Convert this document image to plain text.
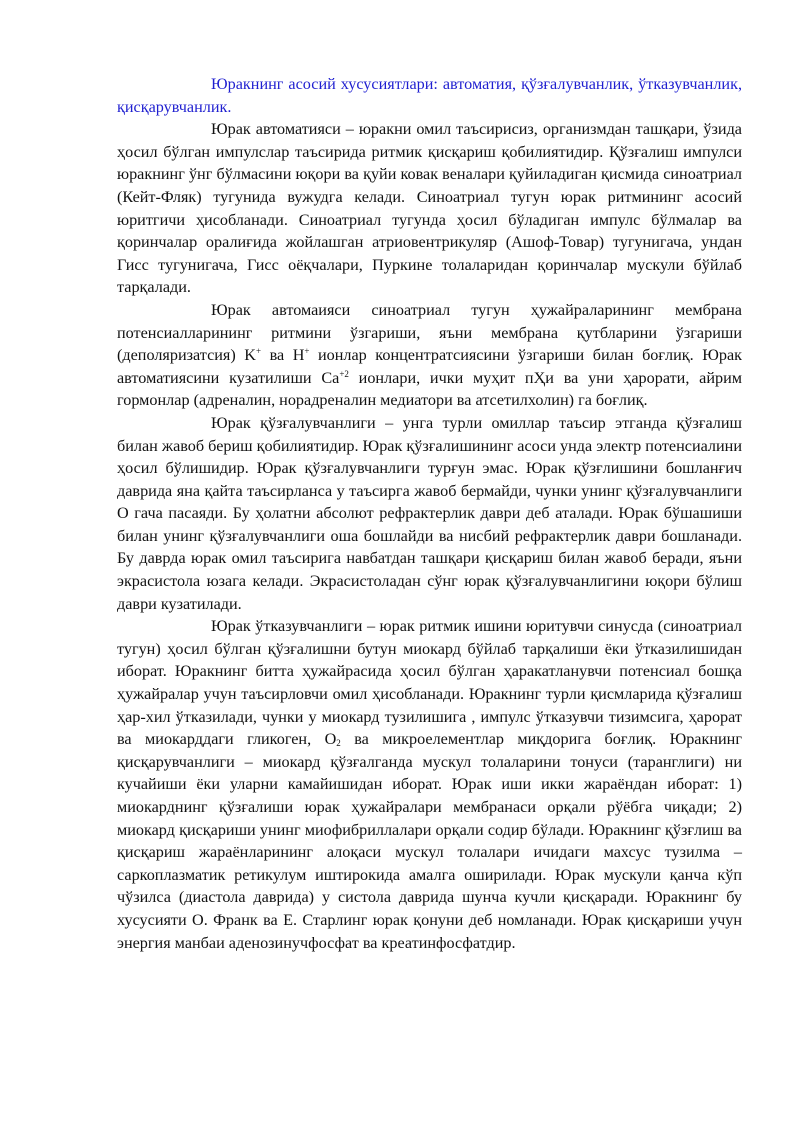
Юракнинг асосий хусусиятлари: автоматия, қўзғалувчанлик, ўтказувчанлик, қисқарувчанлик.

Юрак автоматияси – юракни омил таъсирисиз, организмдан ташқари, ўзида ҳосил бўлган импулслар таъсирида ритмик қисқариш қобилиятидир. Қўзғалиш импулси юракнинг ўнг бўлмасини юқори ва қуйи ковак веналари қуйиладиган қисмида синоатриал (Кейт-Фляк) тугунида вужудга келади. Синоатриал тугун юрак ритмининг асосий юритгичи ҳисобланади. Синоатриал тугунда ҳосил бўладиган импулс бўлмалар ва қоринчалар оралиғида жойлашган атриовентрикуляр (Ашоф-Товар) тугунигача, ундан Гисс тугунигача, Гисс оёқчалари, Пуркине толаларидан қоринчалар мускули бўйлаб тарқалади.

Юрак автомаияси синоатриал тугун ҳужайраларининг мембрана потенсиалларининг ритмини ўзгариши, яъни мембрана қутбларини ўзгариши (деполяризатсия) K+ ва H+ ионлар концентратсиясини ўзгариши билан боғлиқ. Юрак автоматиясини кузатилиши $Ca^{+2}$ ионлари, ички муҳит пҲи ва уни ҳарорати, айрим гормонлар (адреналин, норадреналин медиатори ва атсетилхолин) га боғлиқ.

Юрак қўзғалувчанлиги – унга турли омиллар таъсир этганда қўзғалиш билан жавоб бериш қобилиятидир. Юрак қўзғалишининг асоси унда электр потенсиалини ҳосил бўлишидир. Юрак қўзғалувчанлиги турғун эмас. Юрак қўзғлишини бошланғич даврида яна қайта таъсирланса у таъсирга жавоб бермайди, чунки унинг қўзғалувчанлиги О гача пасаяди. Бу ҳолатни абсолют рефрактерлик даври деб аталади. Юрак бўшашиши билан унинг қўзғалувчанлиги оша бошлайди ва нисбий рефрактерлик даври бошланади. Бу даврда юрак омил таъсирига навбатдан ташқари қисқариш билан жавоб беради, яъни экрасистола юзага келади. Экрасистоладан сўнг юрак қўзғалувчанлигини юқори бўлиш даври кузатилади.

Юрак ўтказувчанлиги – юрак ритмик ишини юритувчи синусда (синоатриал тугун) ҳосил бўлган қўзғалишни бутун миокард бўйлаб тарқалиши ёки ўтказилишидан иборат. Юракнинг битта ҳужайрасида ҳосил бўлган ҳаракатланувчи потенсиал бошқа ҳужайралар учун таъсирловчи омил ҳисобланади. Юракнинг турли қисмларида қўзғалиш ҳар-хил ўтказилади, чунки у миокард тузилишига , импулс ўтказувчи тизимсига, ҳарорат ва миокарддаги гликоген, $O_2$ ва микроелементлар миқдорига боғлиқ. Юракнинг қисқарувчанлиги – миокард қўзғалганда мускул толаларини тонуси (таранглиги) ни кучайиши ёки уларни камайишидан иборат. Юрак иши икки жараёндан иборат: 1) миокарднинг қўзғалиши юрак ҳужайралари мембранаси орқали рўёбга чиқади; 2) миокард қисқариши унинг миофибриллалари орқали содир бўлади. Юракнинг қўзғлиш ва қисқариш жараёнларининг алоқаси мускул толалари ичидаги махсус тузилма – саркоплазматик ретикулум иштирокида амалга оширилади. Юрак мускули қанча кўп чўзилса (диастола даврида) у систола даврида шунча кучли қисқаради. Юракнинг бу хусусияти О. Франк ва Е. Старлинг юрак қонуни деб номланади. Юрак қисқариши учун энергия манбаи аденозинучфосфат ва креатинфосфатдир.
